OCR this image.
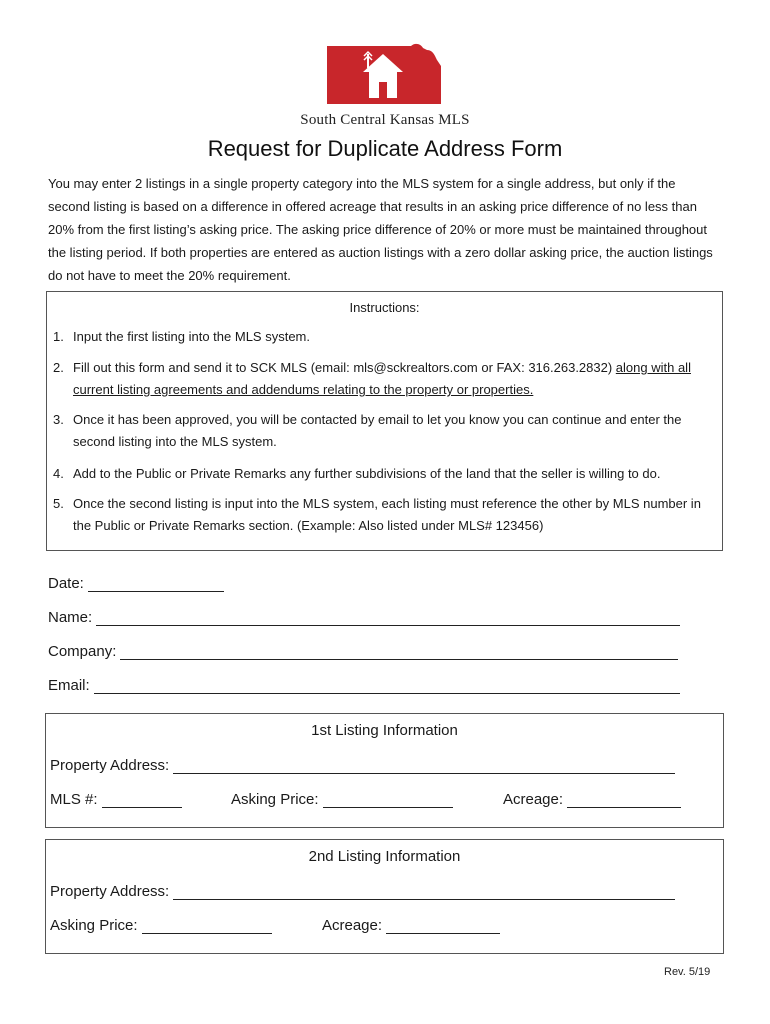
South Central Kansas MLS
Request for Duplicate Address Form
You may enter 2 listings in a single property category into the MLS system for a single address, but only if the second listing is based on a difference in offered acreage that results in an asking price difference of no less than 20% from the first listing’s asking price. The asking price difference of 20% or more must be maintained throughout the listing period. If both properties are entered as auction listings with a zero dollar asking price, the auction listings do not have to meet the 20% requirement.
Instructions:
1. Input the first listing into the MLS system.
2. Fill out this form and send it to SCK MLS (email: mls@sckrealtors.com or FAX: 316.263.2832) along with all current listing agreements and addendums relating to the property or properties.
3. Once it has been approved, you will be contacted by email to let you know you can continue and enter the second listing into the MLS system.
4. Add to the Public or Private Remarks any further subdivisions of the land that the seller is willing to do.
5. Once the second listing is input into the MLS system, each listing must reference the other by MLS number in the Public or Private Remarks section. (Example: Also listed under MLS# 123456)
Date:
Name:
Company:
Email:
1st Listing Information
Property Address:
MLS #:	Asking Price:	Acreage:
2nd Listing Information
Property Address:
Asking Price:	Acreage:
Rev. 5/19
